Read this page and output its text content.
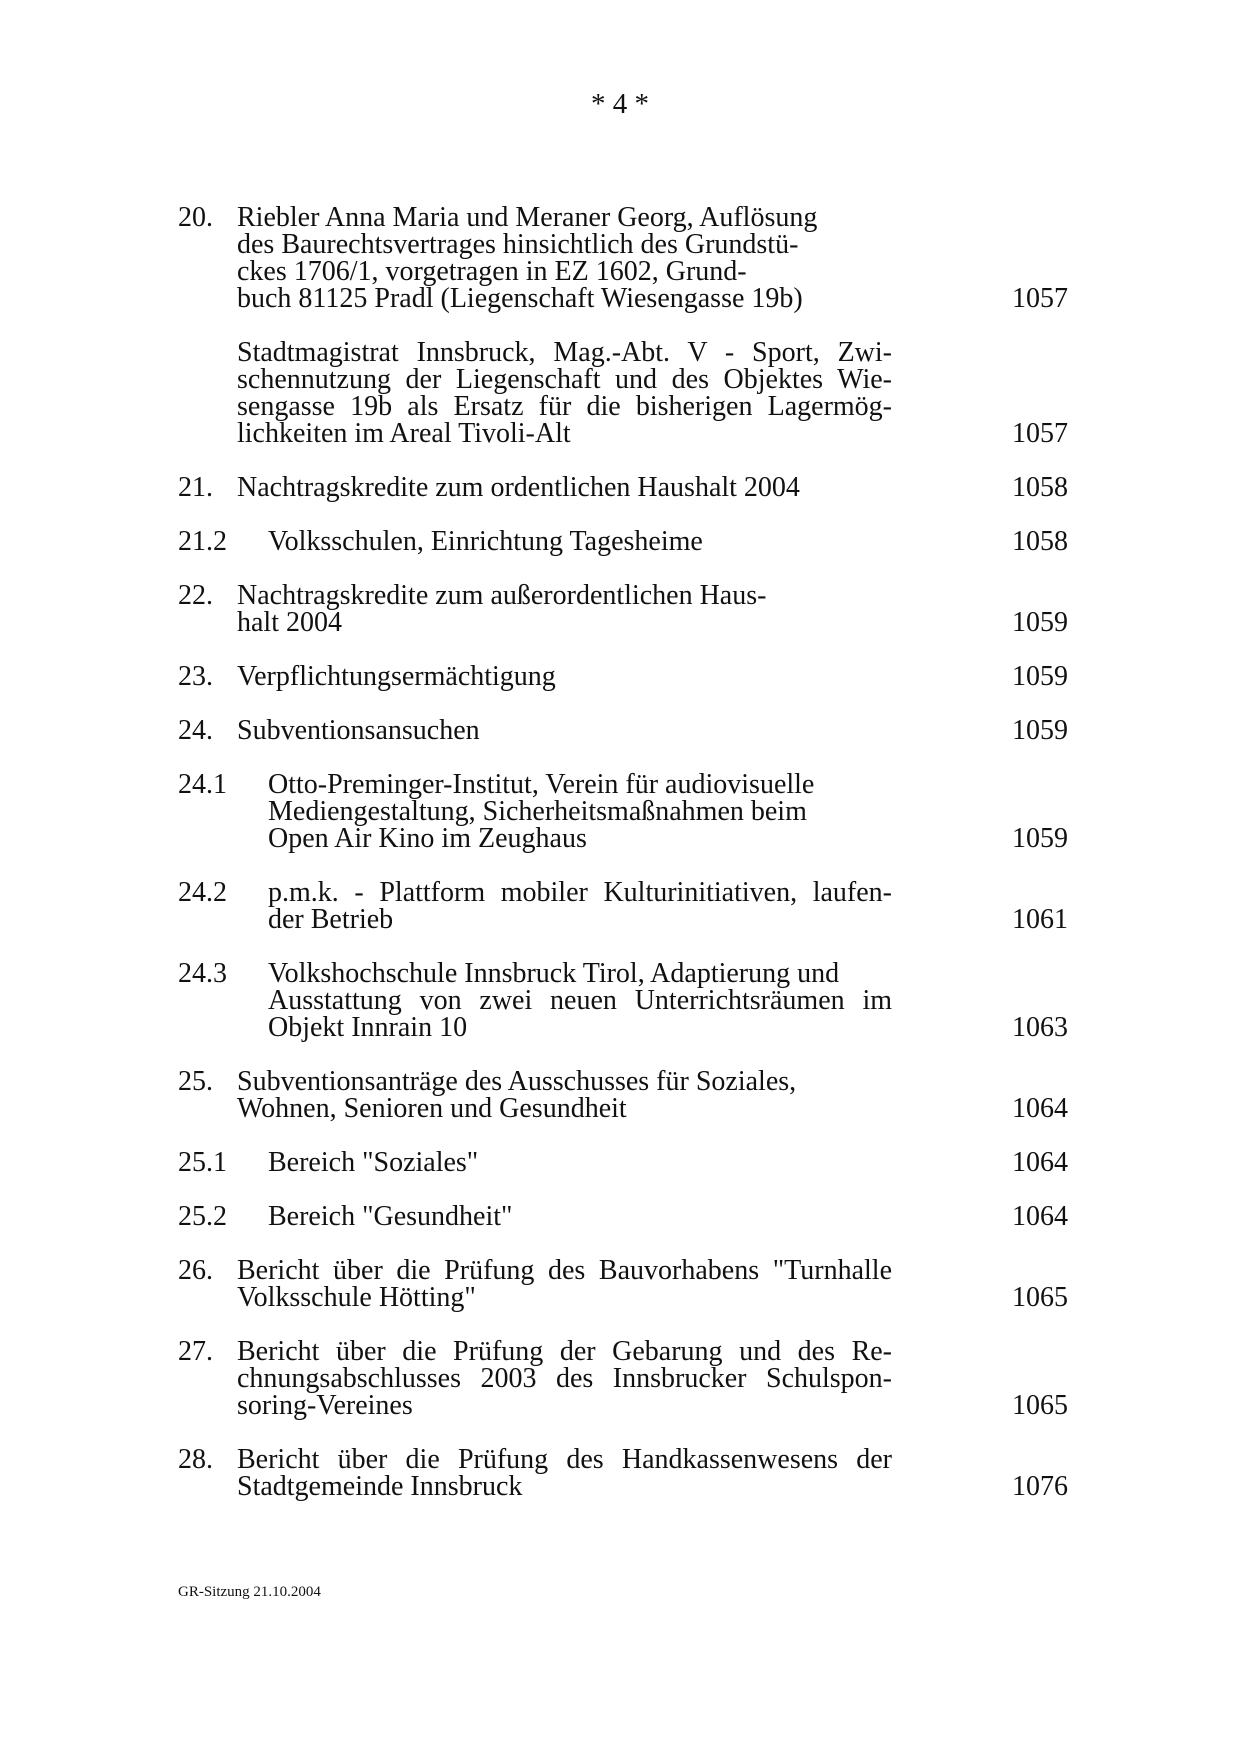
* 4 *
20. Riebler Anna Maria und Meraner Georg, Auflösung
des Baurechtsvertrages hinsichtlich des Grundstü-
ckes 1706/1, vorgetragen in EZ 1602, Grund-
buch 81125 Pradl (Liegenschaft Wiesengasse 19b)	1057
Stadtmagistrat Innsbruck, Mag.-Abt. V - Sport, Zwi-
schennutzung der Liegenschaft und des Objektes Wie-
sengasse 19b als Ersatz für die bisherigen Lagermög-
lichkeiten im Areal Tivoli-Alt	1057
21. Nachtragskredite zum ordentlichen Haushalt 2004	1058
21.2 Volksschulen, Einrichtung Tagesheime	1058
22. Nachtragskredite zum außerordentlichen Haus-
halt 2004	1059
23. Verpflichtungsermächtigung	1059
24. Subventionsansuchen	1059
24.1 Otto-Preminger-Institut, Verein für audiovisuelle
Mediengestaltung, Sicherheitsmaßnahmen beim
Open Air Kino im Zeughaus	1059
24.2 p.m.k. - Plattform mobiler Kulturinitiativen, laufen-
der Betrieb	1061
24.3 Volkshochschule Innsbruck Tirol, Adaptierung und
Ausstattung von zwei neuen Unterrichtsräumen im
Objekt Innrain 10	1063
25. Subventionsanträge des Ausschusses für Soziales,
Wohnen, Senioren und Gesundheit	1064
25.1 Bereich "Soziales"	1064
25.2 Bereich "Gesundheit"	1064
26. Bericht über die Prüfung des Bauvorhabens "Turnhalle
Volksschule Hötting"	1065
27. Bericht über die Prüfung der Gebarung und des Re-
chnungsabschlusses 2003 des Innsbrucker Schulspon-
soring-Vereines	1065
28. Bericht über die Prüfung des Handkassenwesens der
Stadtgemeinde Innsbruck	1076
GR-Sitzung 21.10.2004
